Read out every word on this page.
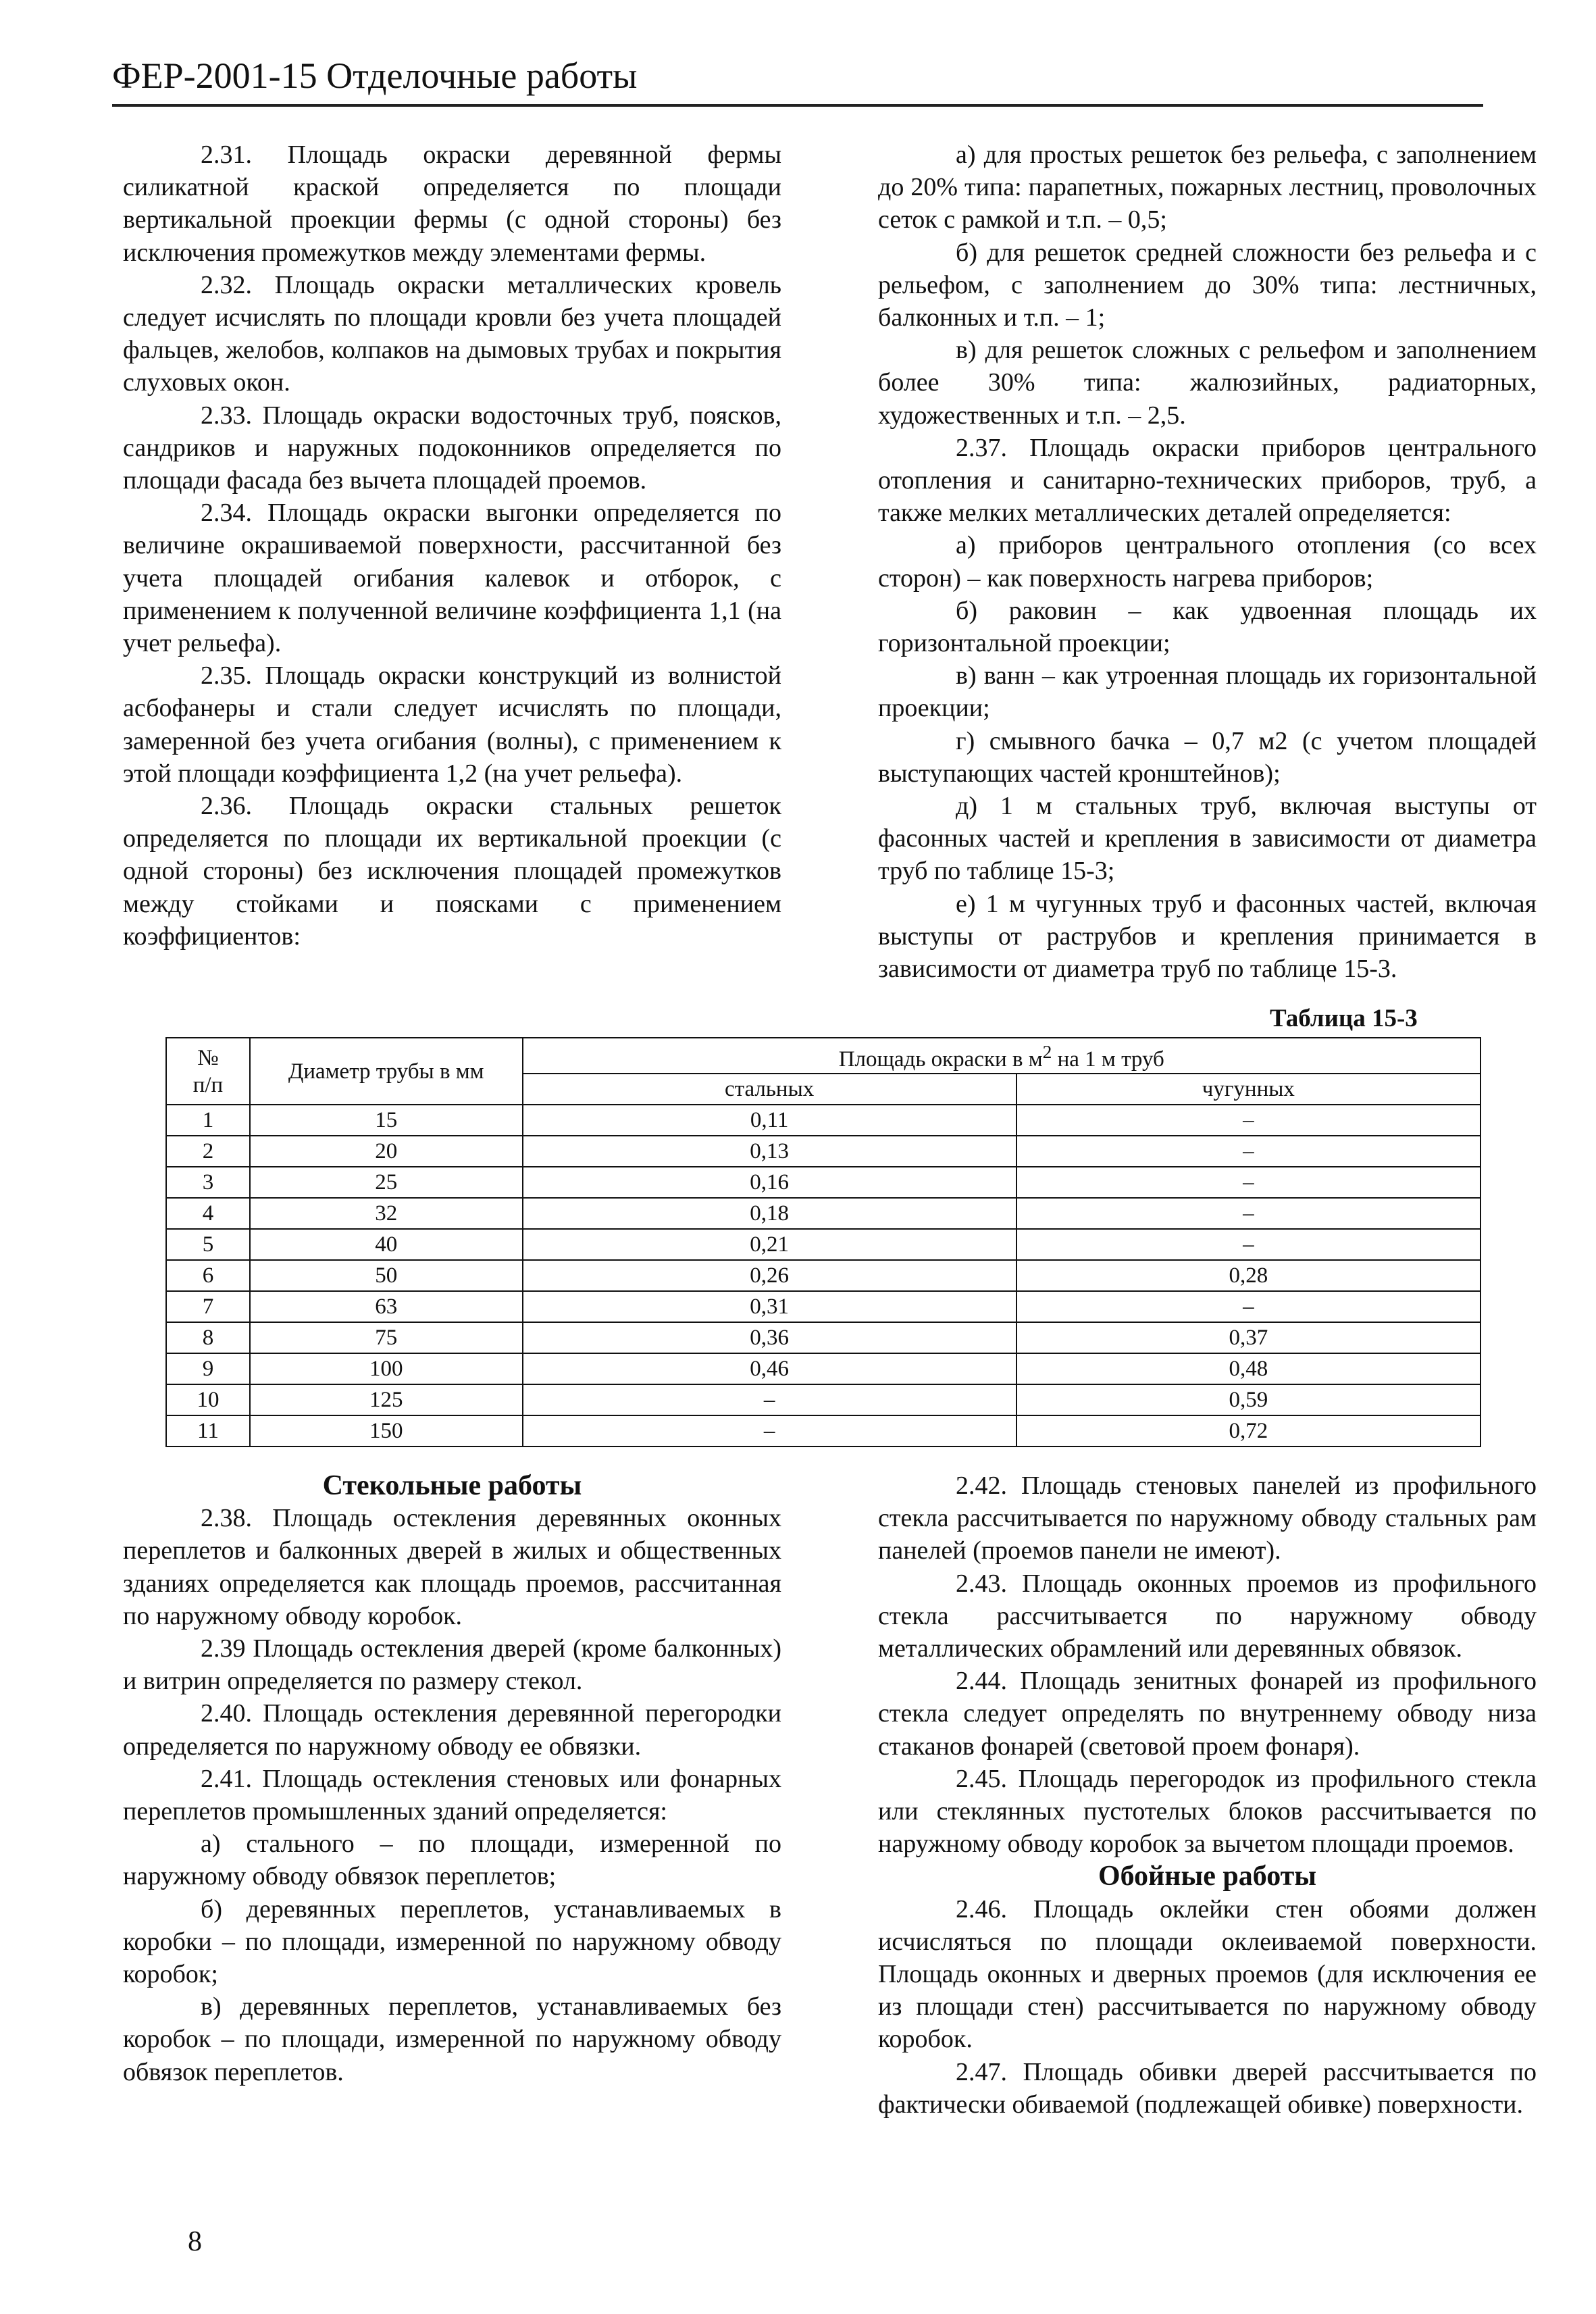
ФЕР-2001-15 Отделочные работы

2.31. Площадь окраски деревянной фермы силикатной краской определяется по площади вертикальной проекции фермы (с одной стороны) без исключения промежутков между элементами фермы.

2.32. Площадь окраски металлических кровель следует исчислять по площади кровли без учета площадей фальцев, желобов, колпаков на дымовых трубах и покрытия слуховых окон.

2.33. Площадь окраски водосточных труб, поясков, сандриков и наружных подоконников определяется по площади фасада без вычета площадей проемов.

2.34. Площадь окраски выгонки определяется по величине окрашиваемой поверхности, рассчитанной без учета площадей огибания калевок и отборок, с применением к полученной величине коэффициента 1,1 (на учет рельефа).

2.35. Площадь окраски конструкций из волнистой асбофанеры и стали следует исчислять по площади, замеренной без учета огибания (волны), с применением к этой площади коэффициента 1,2 (на учет рельефа).

2.36. Площадь окраски стальных решеток определяется по площади их вертикальной проекции (с одной стороны) без исключения площадей промежутков между стойками и поясками с применением коэффициентов:

а) для простых решеток без рельефа, с заполнением до 20% типа: парапетных, пожарных лестниц, проволочных сеток с рамкой и т.п. – 0,5;

б) для решеток средней сложности без рельефа и с рельефом, с заполнением до 30% типа: лестничных, балконных и т.п. – 1;

в) для решеток сложных с рельефом и заполнением более 30% типа: жалюзийных, радиаторных, художественных и т.п. – 2,5.

2.37. Площадь окраски приборов центрального отопления и санитарно-технических приборов, труб, а также мелких металлических деталей определяется:

а) приборов центрального отопления (со всех сторон) – как поверхность нагрева приборов;

б) раковин – как удвоенная площадь их горизонтальной проекции;

в) ванн – как утроенная площадь их горизонтальной проекции;

г) смывного бачка – 0,7 м2 (с учетом площадей выступающих частей кронштейнов);

д) 1 м стальных труб, включая выступы от фасонных частей и крепления в зависимости от диаметра труб по таблице 15-3;

е) 1 м чугунных труб и фасонных частей, включая выступы от раструбов и крепления принимается в зависимости от диаметра труб по таблице 15-3.

Таблица 15-3
№
п/п	Диаметр трубы в мм	Площадь окраски в $м^2$ на 1 м труб	
		стальных	чугунных
1	15	0,11	–
2	20	0,13	–
3	25	0,16	–
4	32	0,18	–
5	40	0,21	–
6	50	0,26	0,28
7	63	0,31	–
8	75	0,36	0,37
9	100	0,46	0,48
10	125	–	0,59
11	150	–	0,72

Стекольные работы

2.38. Площадь остекления деревянных оконных переплетов и балконных дверей в жилых и общественных зданиях определяется как площадь проемов, рассчитанная по наружному обводу коробок.

2.39 Площадь остекления дверей (кроме балконных) и витрин определяется по размеру стекол.

2.40. Площадь остекления деревянной перегородки определяется по наружному обводу ее обвязки.

2.41. Площадь остекления стеновых или фонарных переплетов промышленных зданий определяется:

а) стального – по площади, измеренной по наружному обводу обвязок переплетов;

б) деревянных переплетов, устанавливаемых в коробки – по площади, измеренной по наружному обводу коробок;

в) деревянных переплетов, устанавливаемых без коробок – по площади, измеренной по наружному обводу обвязок переплетов.

2.42. Площадь стеновых панелей из профильного стекла рассчитывается по наружному обводу стальных рам панелей (проемов панели не имеют).

2.43. Площадь оконных проемов из профильного стекла рассчитывается по наружному обводу металлических обрамлений или деревянных обвязок.

2.44. Площадь зенитных фонарей из профильного стекла следует определять по внутреннему обводу низа стаканов фонарей (световой проем фонаря).

2.45. Площадь перегородок из профильного стекла или стеклянных пустотелых блоков рассчитывается по наружному обводу коробок за вычетом площади проемов.

Обойные работы

2.46. Площадь оклейки стен обоями должен исчисляться по площади оклеиваемой поверхности. Площадь оконных и дверных проемов (для исключения ее из площади стен) рассчитывается по наружному обводу коробок.

2.47. Площадь обивки дверей рассчитывается по фактически обиваемой (подлежащей обивке) поверхности.

8
